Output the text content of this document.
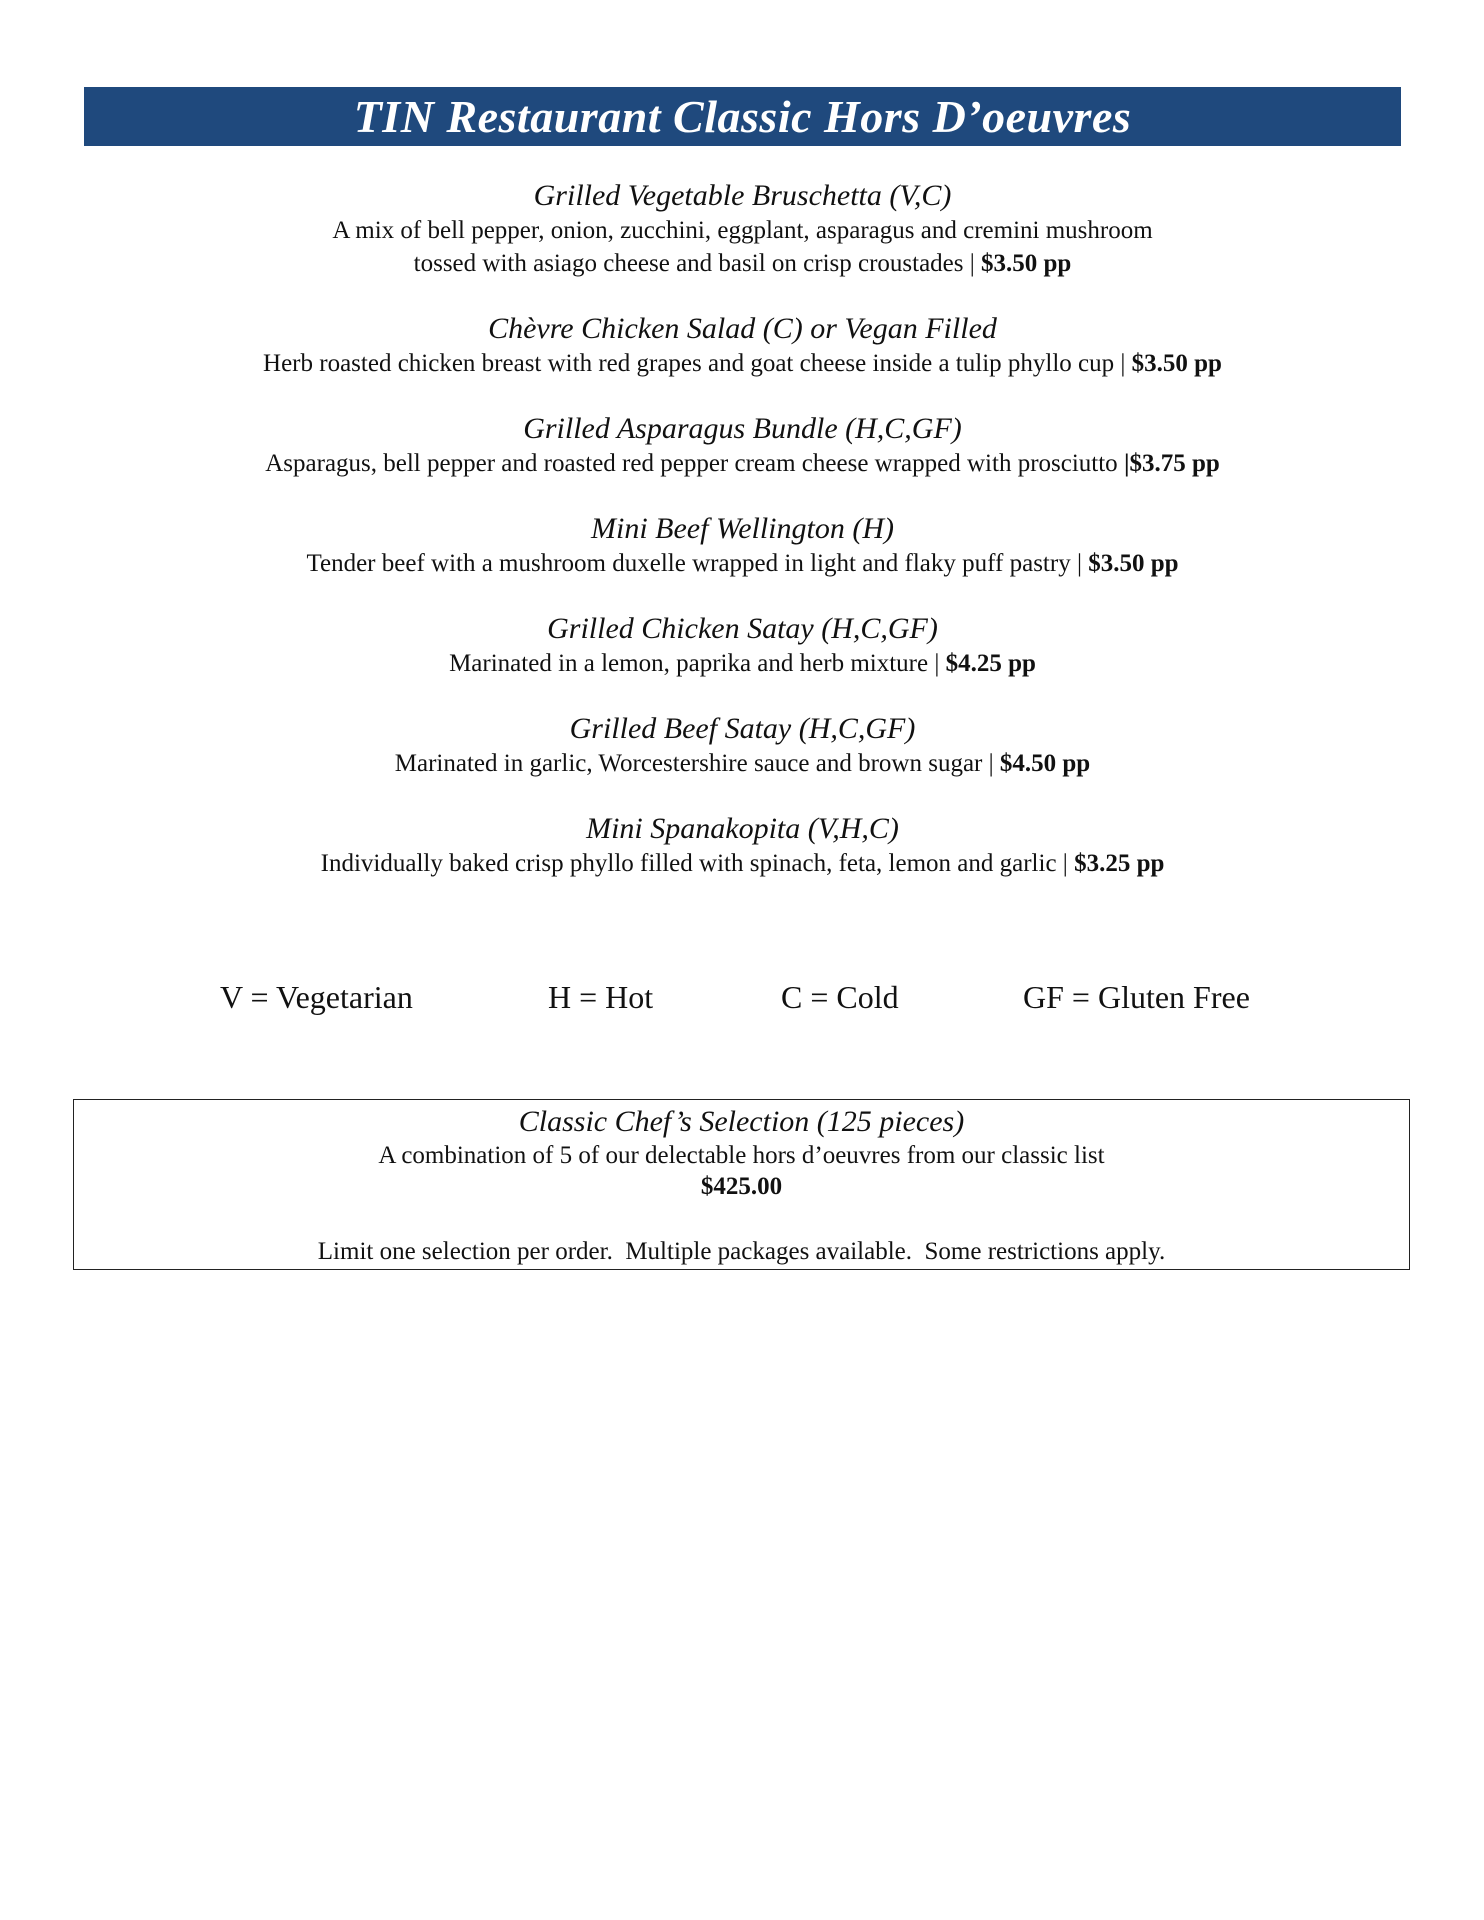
TIN Restaurant Classic Hors D’oeuvres
Grilled Vegetable Bruschetta (V,C)
A mix of bell pepper, onion, zucchini, eggplant, asparagus and cremini mushroom
tossed with asiago cheese and basil on crisp croustades | $3.50 pp
Chèvre Chicken Salad (C) or Vegan Filled
Herb roasted chicken breast with red grapes and goat cheese inside a tulip phyllo cup | $3.50 pp
Grilled Asparagus Bundle (H,C,GF)
Asparagus, bell pepper and roasted red pepper cream cheese wrapped with prosciutto |$3.75 pp
Mini Beef Wellington (H)
Tender beef with a mushroom duxelle wrapped in light and flaky puff pastry | $3.50 pp
Grilled Chicken Satay (H,C,GF)
Marinated in a lemon, paprika and herb mixture | $4.25 pp
Grilled Beef Satay (H,C,GF)
Marinated in garlic, Worcestershire sauce and brown sugar | $4.50 pp
Mini Spanakopita (V,H,C)
Individually baked crisp phyllo filled with spinach, feta, lemon and garlic | $3.25 pp
V = Vegetarian	H = Hot	C = Cold	GF = Gluten Free
Classic Chef’s Selection (125 pieces)
A combination of 5 of our delectable hors d’oeuvres from our classic list
$425.00
Limit one selection per order.  Multiple packages available.  Some restrictions apply.
